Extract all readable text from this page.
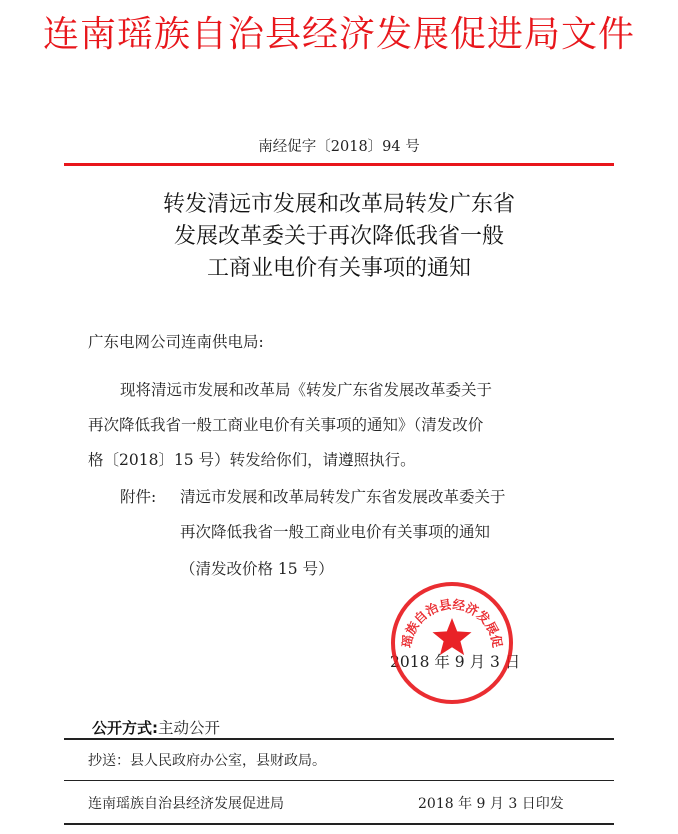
连南瑶族自治县经济发展促进局文件
南经促字〔2018〕94 号
转发清远市发展和改革局转发广东省
发展改革委关于再次降低我省一般
工商业电价有关事项的通知
广东电网公司连南供电局:
现将清远市发展和改革局《转发广东省发展改革委关于
再次降低我省一般工商业电价有关事项的通知》（清发改价
格〔2018〕15 号）转发给你们，请遵照执行。
附件: 清远市发展和改革局转发广东省发展改革委关于
再次降低我省一般工商业电价有关事项的通知
（清发改价格 15 号）
2018 年 9 月 3 日
瑶族自治县经济发展促
公开方式:主动公开
抄送：县人民政府办公室，县财政局。
连南瑶族自治县经济发展促进局	2018 年 9 月 3 日印发
